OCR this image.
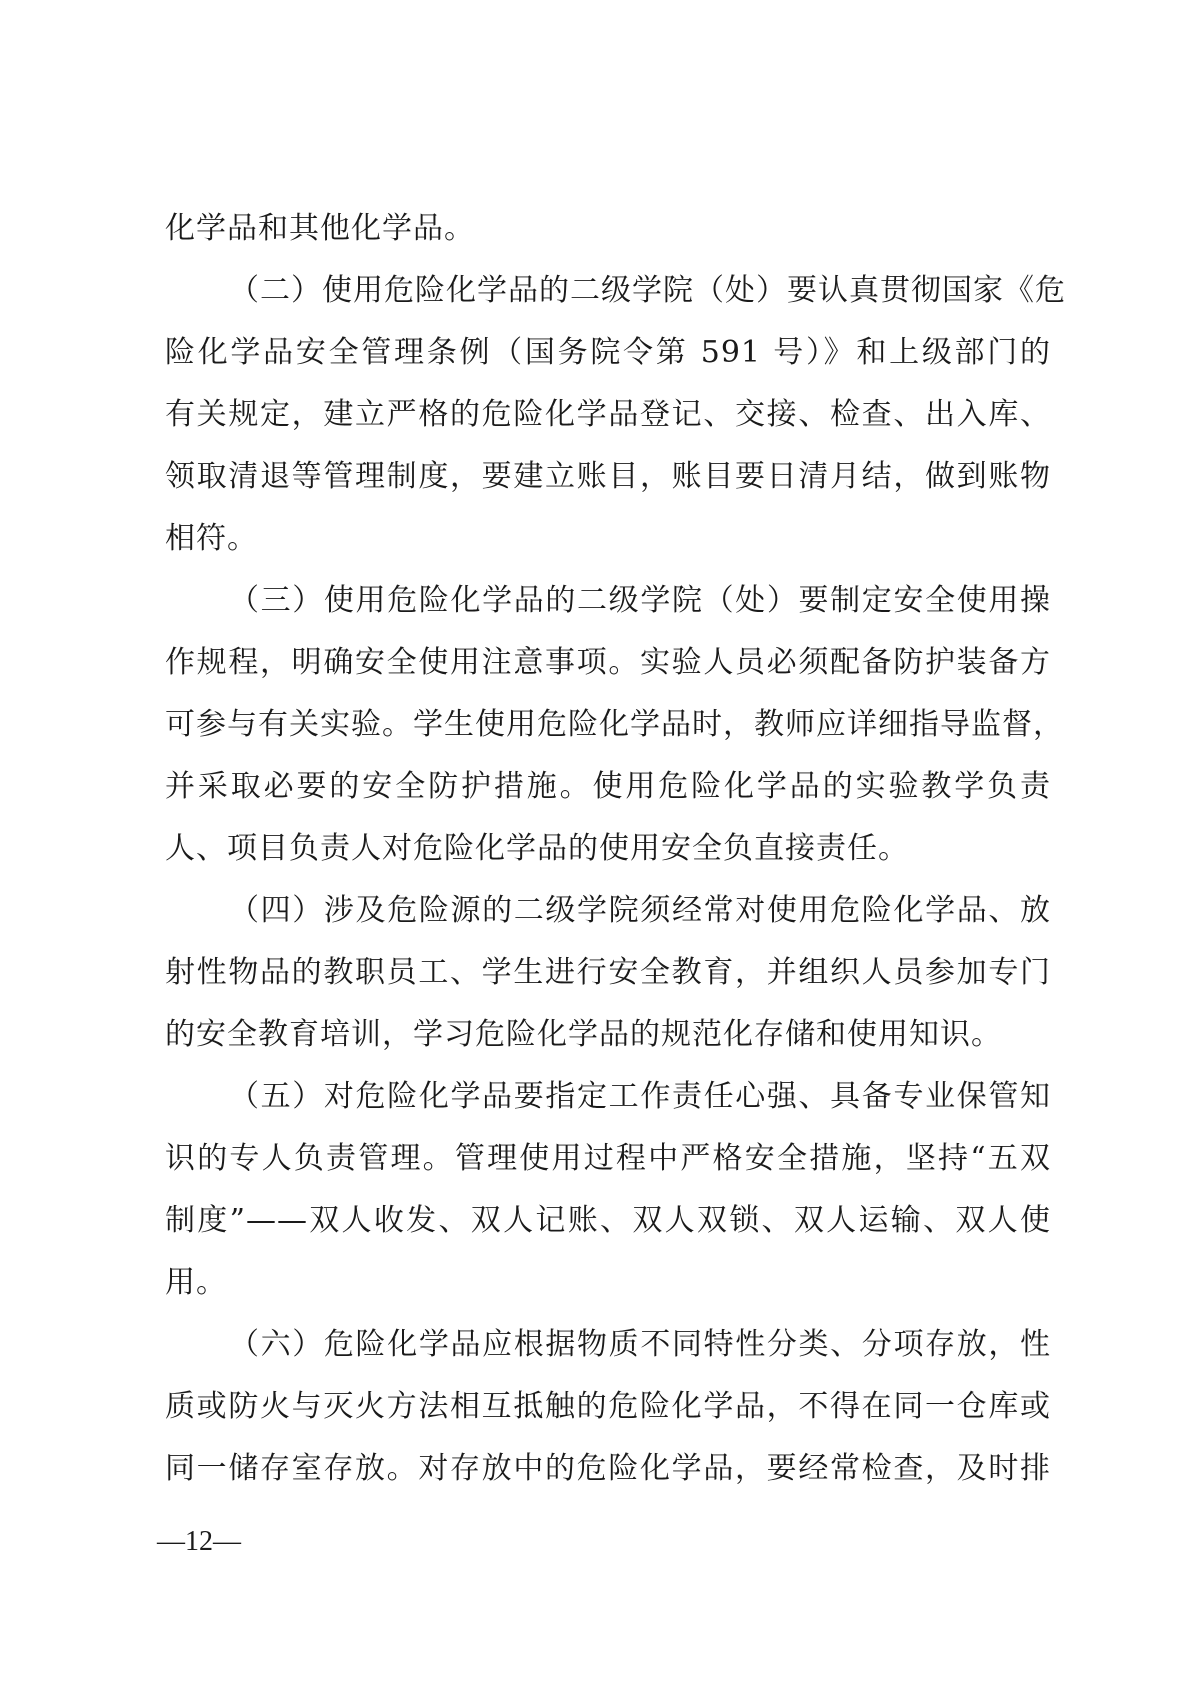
化学品和其他化学品。
（二）使用危险化学品的二级学院（处）要认真贯彻国家《危
险化学品安全管理条例（国务院令第 591 号）》和上级部门的
有关规定，建立严格的危险化学品登记、交接、检查、出入库、
领取清退等管理制度，要建立账目，账目要日清月结，做到账物
相符。
（三）使用危险化学品的二级学院（处）要制定安全使用操
作规程，明确安全使用注意事项。实验人员必须配备防护装备方
可参与有关实验。学生使用危险化学品时，教师应详细指导监督，
并采取必要的安全防护措施。使用危险化学品的实验教学负责
人、项目负责人对危险化学品的使用安全负直接责任。
（四）涉及危险源的二级学院须经常对使用危险化学品、放
射性物品的教职员工、学生进行安全教育，并组织人员参加专门
的安全教育培训，学习危险化学品的规范化存储和使用知识。
（五）对危险化学品要指定工作责任心强、具备专业保管知
识的专人负责管理。管理使用过程中严格安全措施，坚持“五双
制度”——双人收发、双人记账、双人双锁、双人运输、双人使
用。
（六）危险化学品应根据物质不同特性分类、分项存放，性
质或防火与灭火方法相互抵触的危险化学品，不得在同一仓库或
同一储存室存放。对存放中的危险化学品，要经常检查，及时排
—12—
